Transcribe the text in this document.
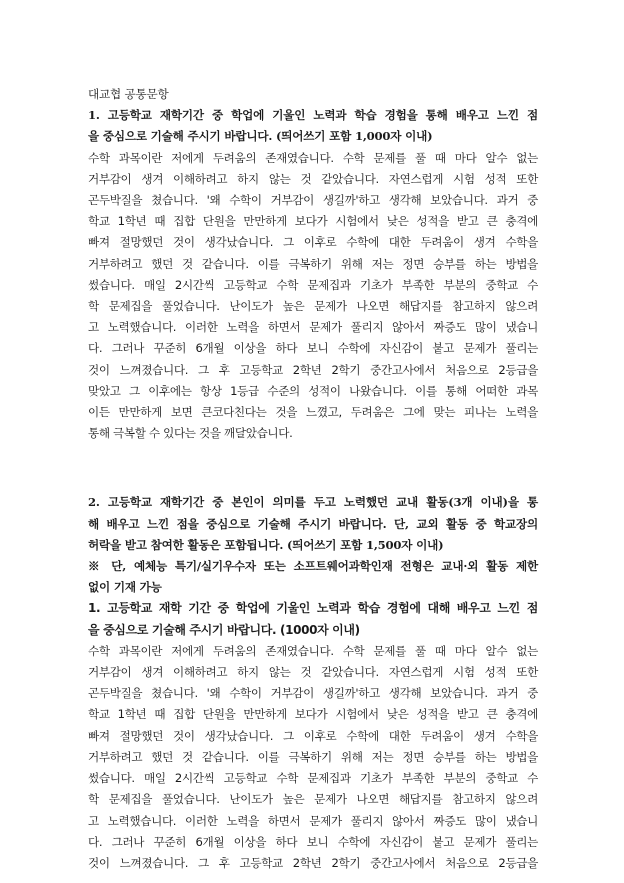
대교협 공통문항

1. 고등학교 재학기간 중 학업에 기울인 노력과 학습 경험을 통해 배우고 느낀 점
을 중심으로 기술해 주시기 바랍니다. (띄어쓰기 포함 1,000자 이내)
수학 과목이란 저에게 두려움의 존재였습니다. 수학 문제를 풀 때 마다 알수 없는
거부감이 생겨 이해하려고 하지 않는 것 같았습니다. 자연스럽게 시험 성적 또한
곤두박질을 쳤습니다. '왜 수학이 거부감이 생길까'하고 생각해 보았습니다. 과거 중
학교 1학년 때 집합 단원을 만만하게 보다가 시험에서 낮은 성적을 받고 큰 충격에
빠져 절망했던 것이 생각났습니다. 그 이후로 수학에 대한 두려움이 생겨 수학을
거부하려고 했던 것 같습니다. 이를 극복하기 위해 저는 정면 승부를 하는 방법을
썼습니다. 매일 2시간씩 고등학교 수학 문제집과 기초가 부족한 부분의 중학교 수
학 문제집을 풀었습니다. 난이도가 높은 문제가 나오면 해답지를 참고하지 않으려
고 노력했습니다. 이러한 노력을 하면서 문제가 풀리지 않아서 짜증도 많이 냈습니
다. 그러나 꾸준히 6개월 이상을 하다 보니 수학에 자신감이 붙고 문제가 풀리는
것이 느껴졌습니다. 그 후 고등학교 2학년 2학기 중간고사에서 처음으로 2등급을
맞았고 그 이후에는 항상 1등급 수준의 성적이 나왔습니다. 이를 통해 어떠한 과목
이든 만만하게 보면 큰코다친다는 것을 느꼈고, 두려움은 그에 맞는 피나는 노력을
통해 극복할 수 있다는 것을 깨달았습니다.
2. 고등학교 재학기간 중 본인이 의미를 두고 노력했던 교내 활동(3개 이내)을 통
해 배우고 느낀 점을 중심으로 기술해 주시기 바랍니다. 단, 교외 활동 중 학교장의
허락을 받고 참여한 활동은 포함됩니다. (띄어쓰기 포함 1,500자 이내)
※ 단, 예체능 특기/실기우수자 또는 소프트웨어과학인재 전형은 교내·외 활동 제한
없이 기재 가능
1. 고등학교 재학 기간 중 학업에 기울인 노력과 학습 경험에 대해 배우고 느낀 점
을 중심으로 기술해 주시기 바랍니다. (1000자 이내)
수학 과목이란 저에게 두려움의 존재였습니다. 수학 문제를 풀 때 마다 알수 없는
거부감이 생겨 이해하려고 하지 않는 것 같았습니다. 자연스럽게 시험 성적 또한
곤두박질을 쳤습니다. '왜 수학이 거부감이 생길까'하고 생각해 보았습니다. 과거 중
학교 1학년 때 집합 단원을 만만하게 보다가 시험에서 낮은 성적을 받고 큰 충격에
빠져 절망했던 것이 생각났습니다. 그 이후로 수학에 대한 두려움이 생겨 수학을
거부하려고 했던 것 같습니다. 이를 극복하기 위해 저는 정면 승부를 하는 방법을
썼습니다. 매일 2시간씩 고등학교 수학 문제집과 기초가 부족한 부분의 중학교 수
학 문제집을 풀었습니다. 난이도가 높은 문제가 나오면 해답지를 참고하지 않으려
고 노력했습니다. 이러한 노력을 하면서 문제가 풀리지 않아서 짜증도 많이 냈습니
다. 그러나 꾸준히 6개월 이상을 하다 보니 수학에 자신감이 붙고 문제가 풀리는
것이 느껴졌습니다. 그 후 고등학교 2학년 2학기 중간고사에서 처음으로 2등급을
